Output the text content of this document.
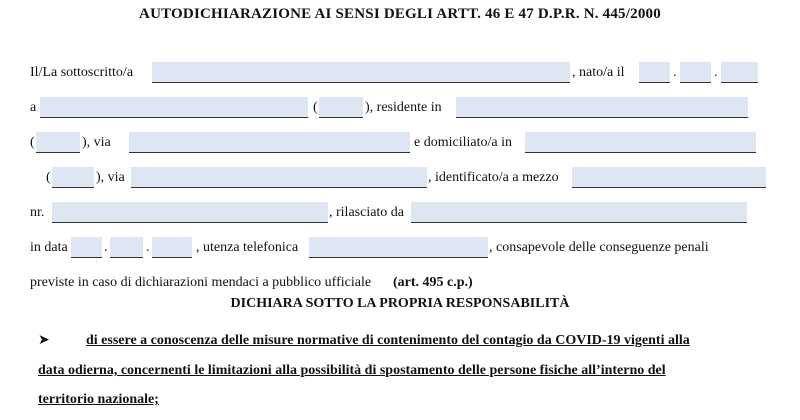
AUTODICHIARAZIONE AI SENSI DEGLI ARTT. 46 E 47 D.P.R. N. 445/2000
Il/La sottoscritto/a	, nato/a il	.	.
a	(	), residente in
(	), via	e domiciliato/a in
(	), via	, identificato/a a mezzo
nr.	, rilasciato da
in data	.	.	, utenza telefonica	, consapevole delle conseguenze penali
previste in caso di dichiarazioni mendaci a pubblico ufficiale (art. 495 c.p.)
DICHIARA SOTTO LA PROPRIA RESPONSABILITÀ
➤	di essere a conoscenza delle misure normative di contenimento del contagio da COVID-19 vigenti alla
data odierna, concernenti le limitazioni alla possibilità di spostamento delle persone fisiche all’interno del
territorio nazionale;
